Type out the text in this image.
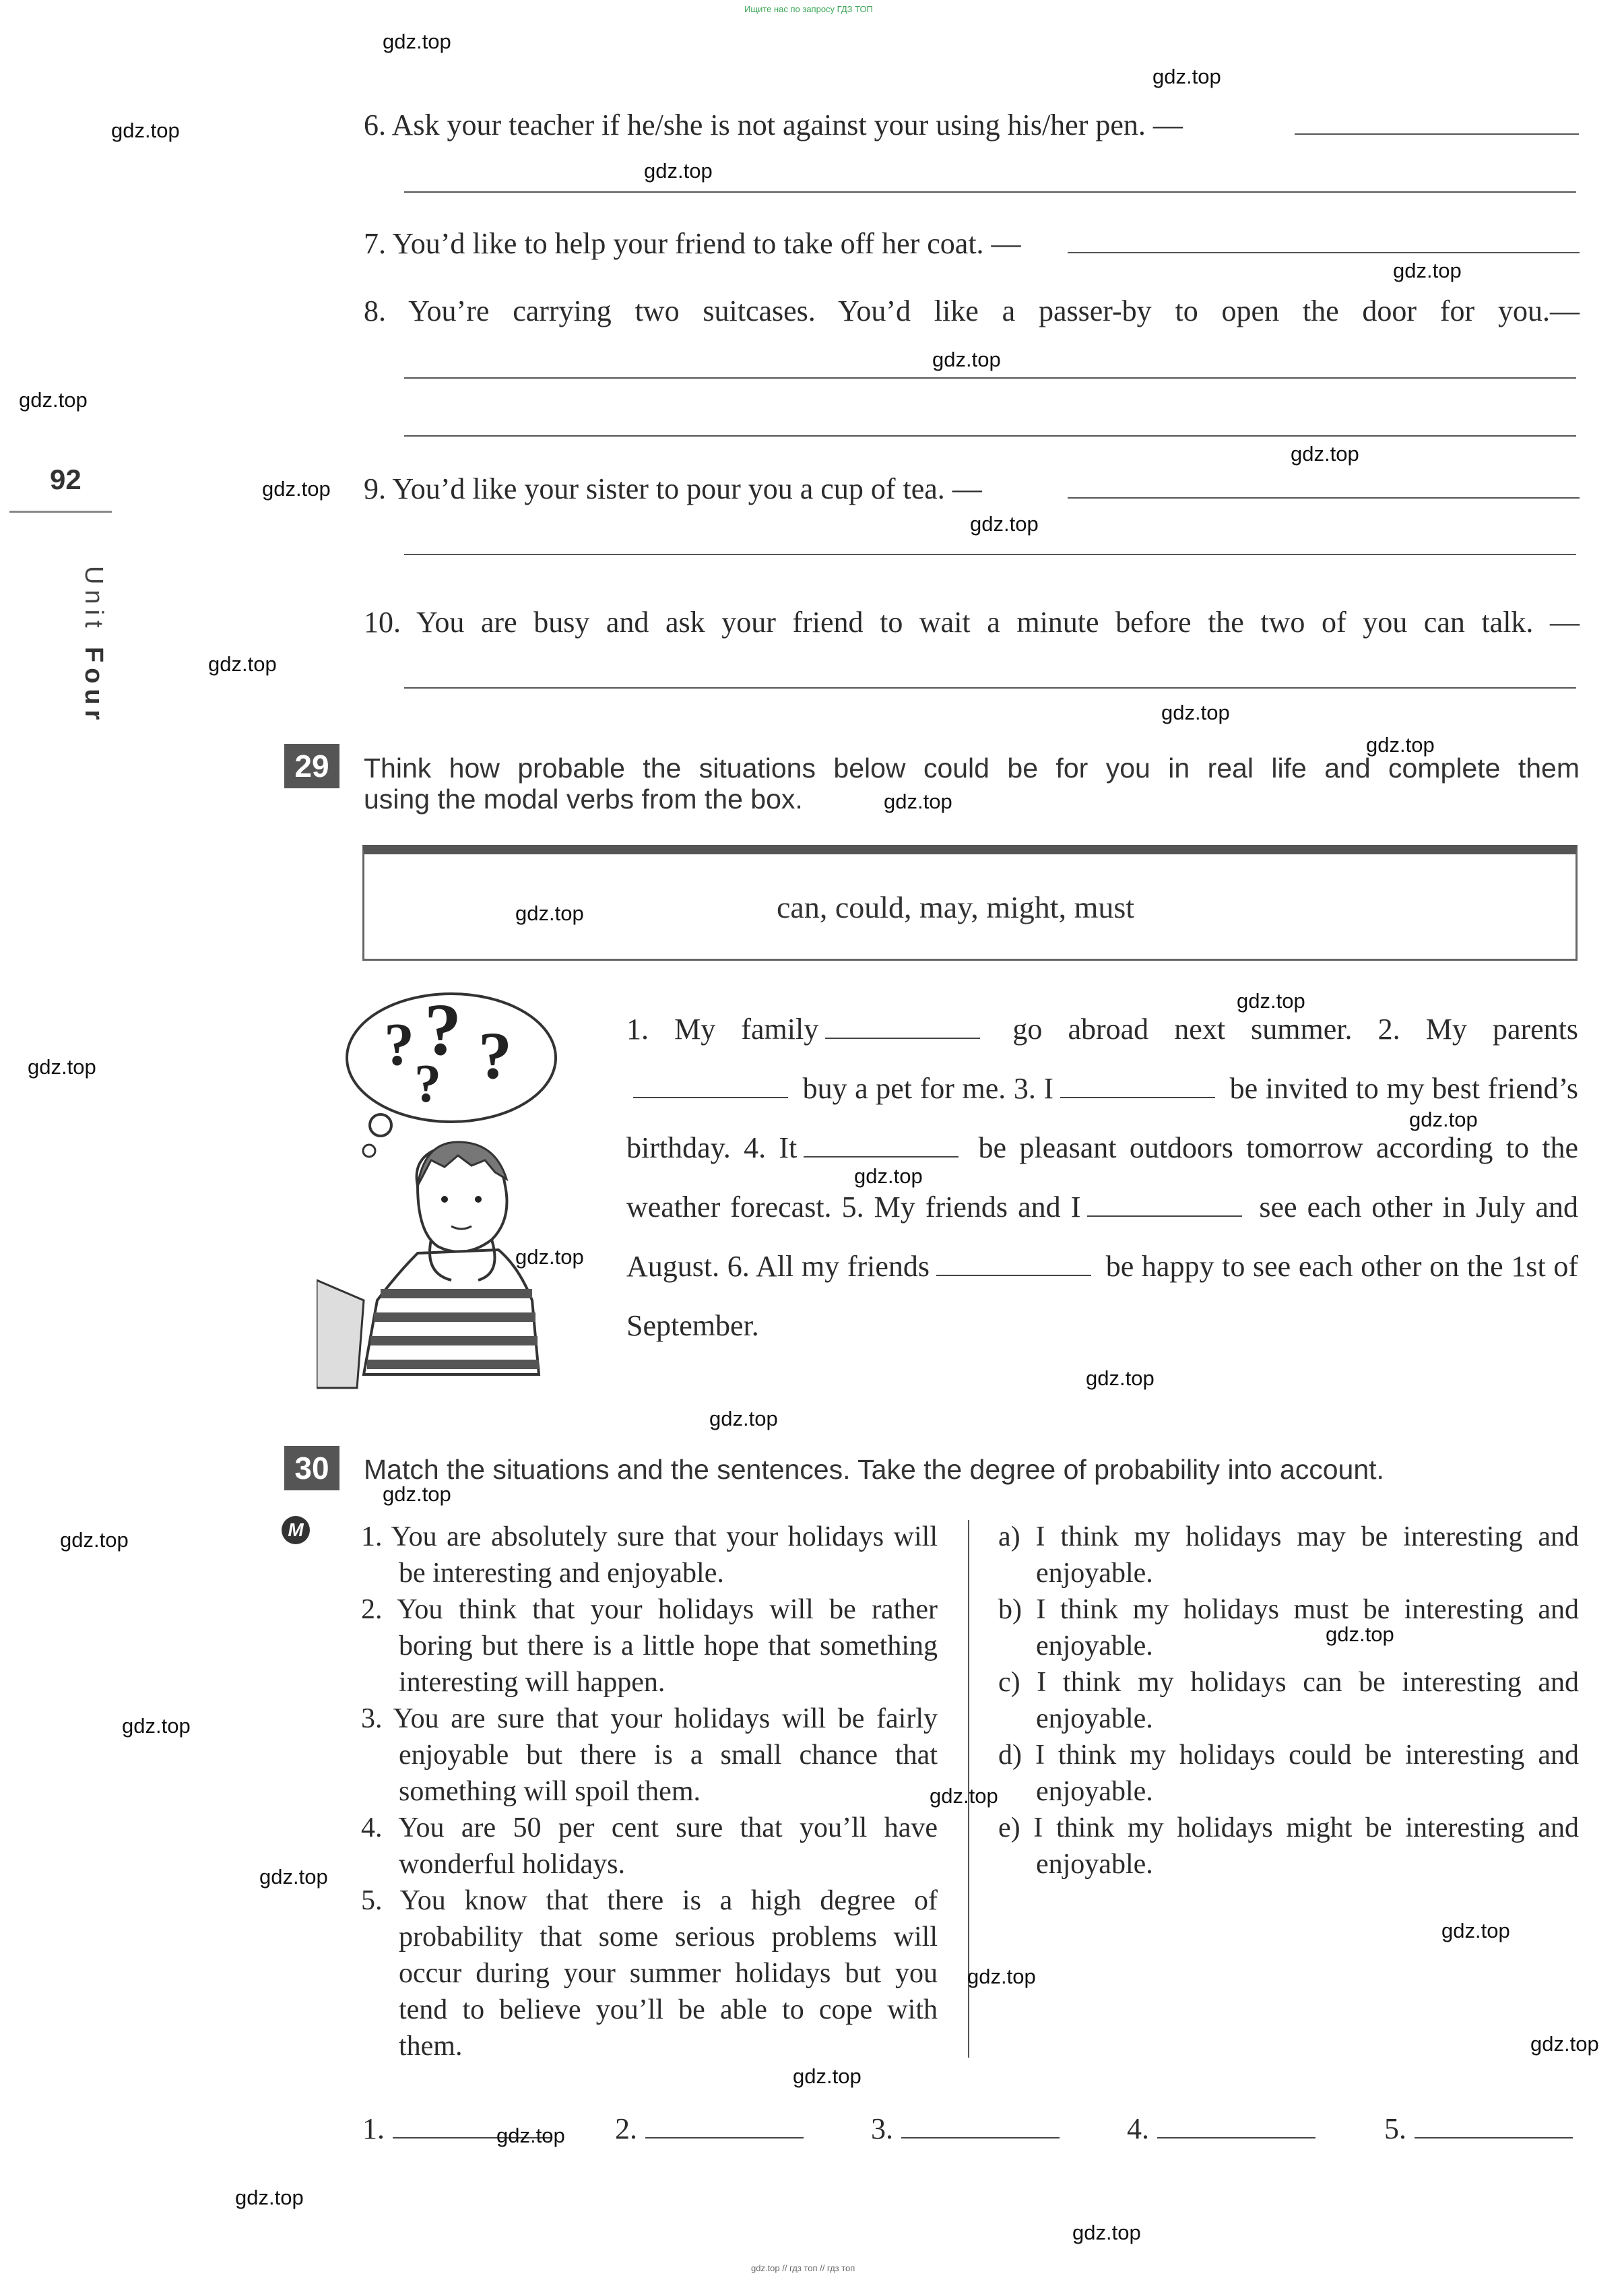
Ищите нас по запросу ГДЗ ТОП
gdz.top // гдз топ // гдз топ
92
Unit
Four
6. Ask your teacher if he/she is not against your using his/her pen. —
7. You’d like to help your friend to take off her coat. —
8. You’re carrying two suitcases. You’d like a passer-by to open the door for you.—
9. You’d like your sister to pour you a cup of tea. —
10. You are busy and ask your friend to wait a minute before the two of you can talk. —
29	Think how probable the situations below could be for you in real life and complete them
using the modal verbs from the box.
can, could, may, might, must
? ? ?
?
1. My family	go abroad next summer. 2. My parents buy a pet for me. 3. I	be invited to my best friend’s birthday. 4. It	be pleasant outdoors tomorrow according to the weather forecast. 5. My friends and I	see each other in July and August. 6. All my friends	be happy to see each other on the 1st of September.
30	Match the situations and the sentences. Take the degree of probability into account.
M 1. You are absolutely sure that your holidays will be interesting and enjoyable.

2. You think that your holidays will be rather boring but there is a little hope that something interesting will happen.

3. You are sure that your holidays will be fairly enjoyable but there is a small chance that something will spoil them.

4. You are 50 per cent sure that you’ll have wonderful holidays.

5. You know that there is a high degree of probability that some serious problems will occur during your summer holidays but you tend to believe you’ll be able to cope with them.

a) I think my holidays may be interesting and enjoyable.

b) I think my holidays must be interesting and enjoyable.

c) I think my holidays can be interesting and enjoyable.

d) I think my holidays could be interesting and enjoyable.

e) I think my holidays might be interesting and enjoyable.

1.	2.	3.	4.	5.
gdz.top
gdz.top
gdz.top
gdz.top
gdz.top
gdz.top
gdz.top
gdz.top
gdz.top
gdz.top
gdz.top
gdz.top
gdz.top
gdz.top
gdz.top
gdz.top
gdz.top
gdz.top
gdz.top
gdz.top
gdz.top
gdz.top
gdz.top
gdz.top
gdz.top
gdz.top
gdz.top
gdz.top
gdz.top
gdz.top
gdz.top
gdz.top
gdz.top
gdz.top
gdz.top
